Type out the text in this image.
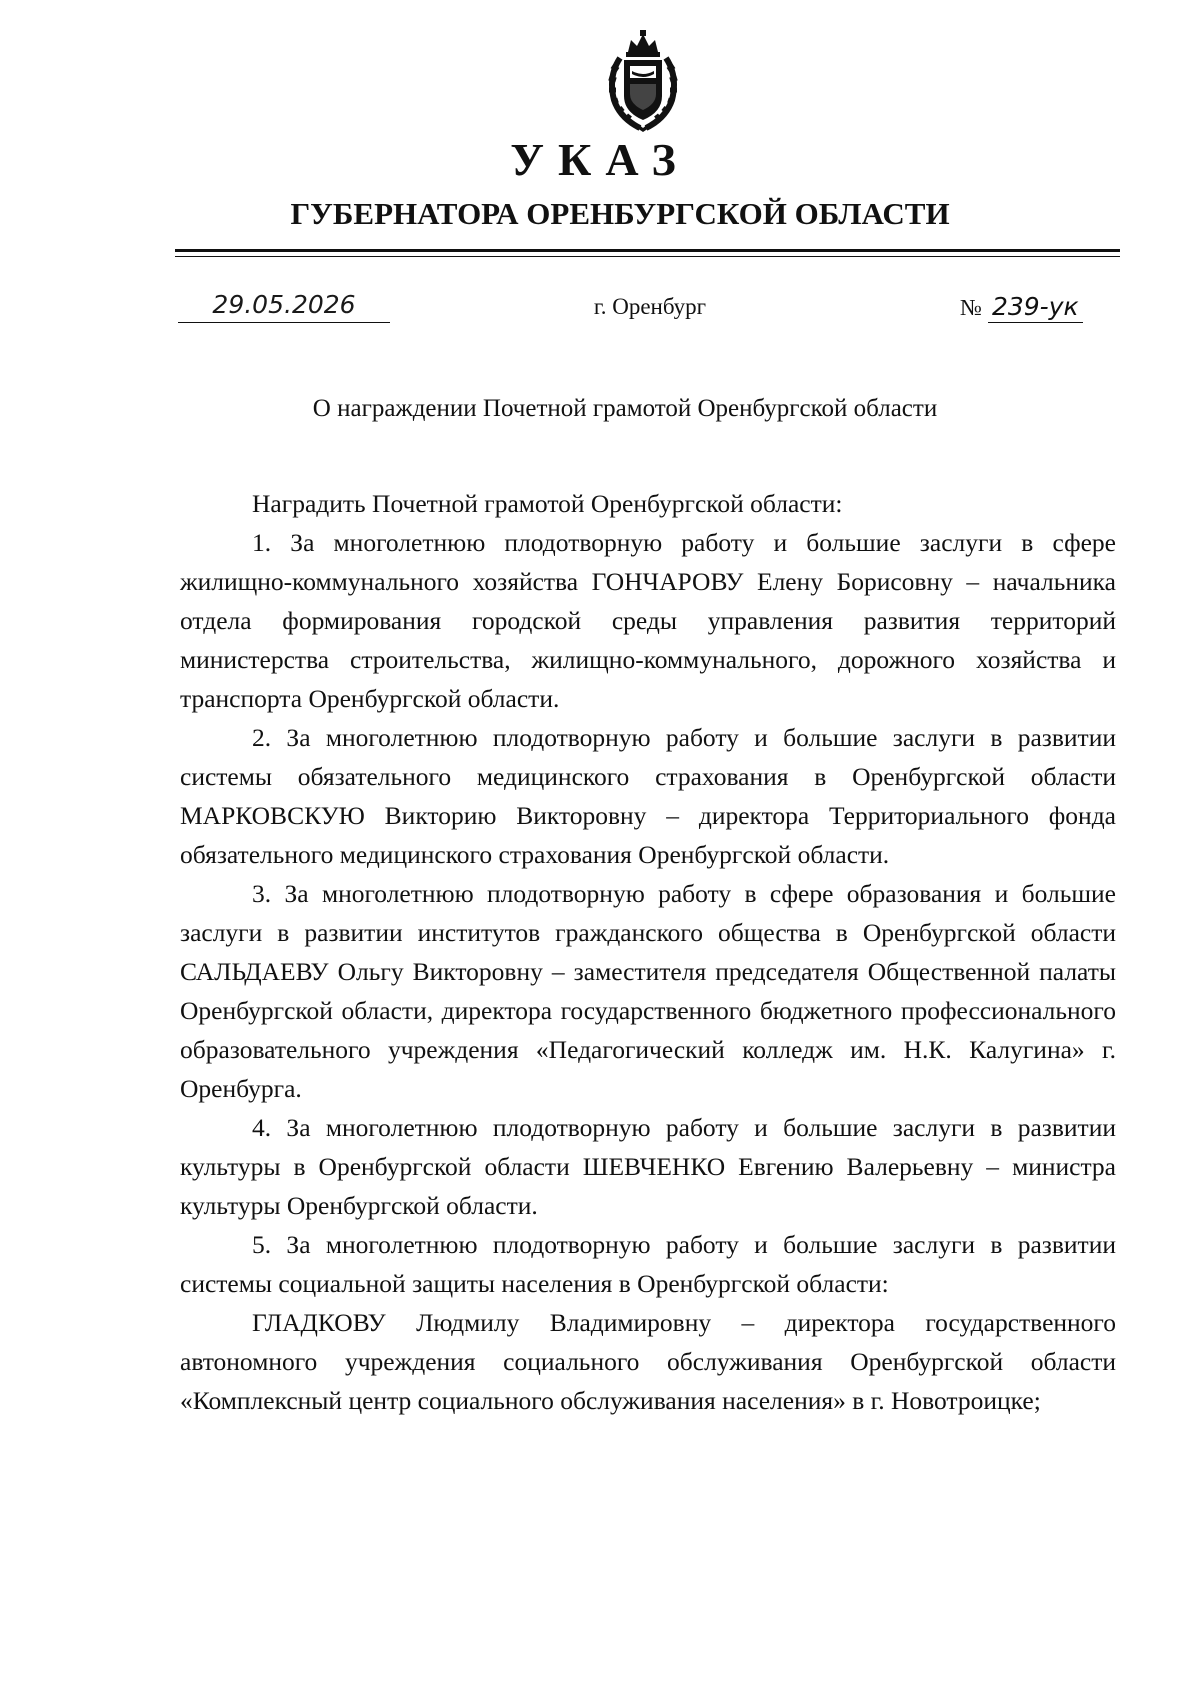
УКАЗ
ГУБЕРНАТОРА ОРЕНБУРГСКОЙ ОБЛАСТИ
29.05.2026	г. Оренбург	№ 239-ук
О награждении Почетной грамотой Оренбургской области

Наградить Почетной грамотой Оренбургской области:

1. За многолетнюю плодотворную работу и большие заслуги в сфере жилищно-коммунального хозяйства ГОНЧАРОВУ Елену Борисовну – начальника отдела формирования городской среды управления развития территорий министерства строительства, жилищно-коммунального, дорожного хозяйства и транспорта Оренбургской области.

2. За многолетнюю плодотворную работу и большие заслуги в развитии системы обязательного медицинского страхования в Оренбургской области МАРКОВСКУЮ Викторию Викторовну – директора Территориального фонда обязательного медицинского страхования Оренбургской области.

3. За многолетнюю плодотворную работу в сфере образования и большие заслуги в развитии институтов гражданского общества в Оренбургской области САЛЬДАЕВУ Ольгу Викторовну – заместителя председателя Общественной палаты Оренбургской области, директора государственного бюджетного профессионального образовательного учреждения «Педагогический колледж им. Н.К. Калугина» г. Оренбурга.

4. За многолетнюю плодотворную работу и большие заслуги в развитии культуры в Оренбургской области ШЕВЧЕНКО Евгению Валерьевну – министра культуры Оренбургской области.

5. За многолетнюю плодотворную работу и большие заслуги в развитии системы социальной защиты населения в Оренбургской области:

ГЛАДКОВУ Людмилу Владимировну – директора государственного автономного учреждения социального обслуживания Оренбургской области «Комплексный центр социального обслуживания населения» в г. Новотроицке;
